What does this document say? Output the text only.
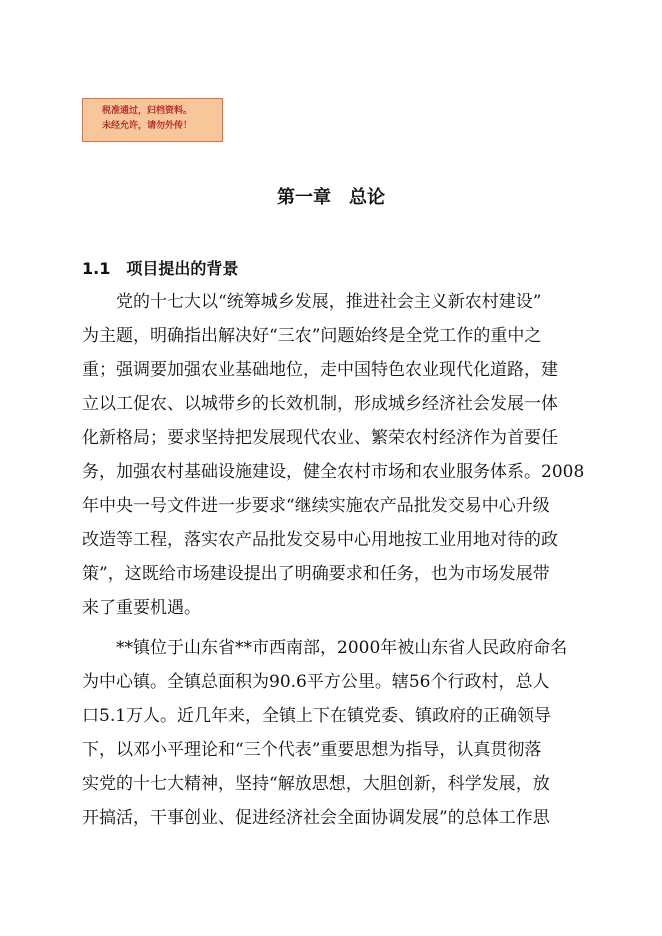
税准通过，归档资料。
未经允许，请勿外传！
第一章　总论
1.1　项目提出的背景
党的十七大以“统筹城乡发展，推进社会主义新农村建设”
为主题，明确指出解决好“三农”问题始终是全党工作的重中之
重；强调要加强农业基础地位，走中国特色农业现代化道路，建
立以工促农、以城带乡的长效机制，形成城乡经济社会发展一体
化新格局；要求坚持把发展现代农业、繁荣农村经济作为首要任
务，加强农村基础设施建设，健全农村市场和农业服务体系。2008
年中央一号文件进一步要求“继续实施农产品批发交易中心升级
改造等工程，落实农产品批发交易中心用地按工业用地对待的政
策”，这既给市场建设提出了明确要求和任务，也为市场发展带
来了重要机遇。
**镇位于山东省**市西南部，2000年被山东省人民政府命名
为中心镇。全镇总面积为90.6平方公里。辖56个行政村，总人
口5.1万人。近几年来，全镇上下在镇党委、镇政府的正确领导
下，以邓小平理论和“三个代表”重要思想为指导，认真贯彻落
实党的十七大精神，坚持“解放思想，大胆创新，科学发展，放
开搞活，干事创业、促进经济社会全面协调发展”的总体工作思
